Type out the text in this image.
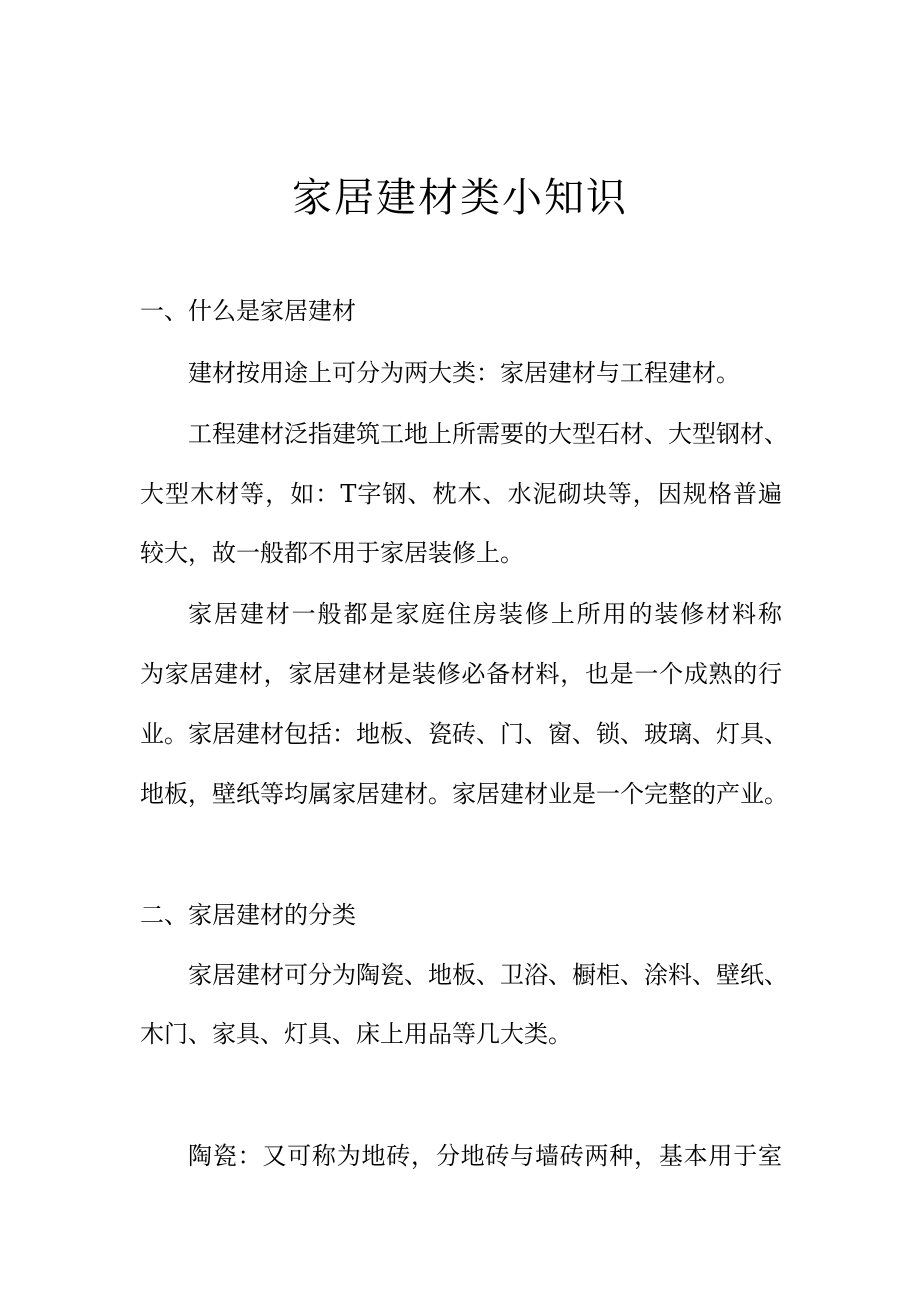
家居建材类小知识

一、什么是家居建材

建材按用途上可分为两大类：家居建材与工程建材。

工程建材泛指建筑工地上所需要的大型石材、大型钢材、

大型木材等，如：T字钢、枕木、水泥砌块等，因规格普遍

较大，故一般都不用于家居装修上。

家居建材一般都是家庭住房装修上所用的装修材料称

为家居建材，家居建材是装修必备材料，也是一个成熟的行

业。家居建材包括：地板、瓷砖、门、窗、锁、玻璃、灯具、

地板，壁纸等均属家居建材。家居建材业是一个完整的产业。

二、家居建材的分类

家居建材可分为陶瓷、地板、卫浴、橱柜、涂料、壁纸、

木门、家具、灯具、床上用品等几大类。

陶瓷：又可称为地砖，分地砖与墙砖两种，基本用于室
